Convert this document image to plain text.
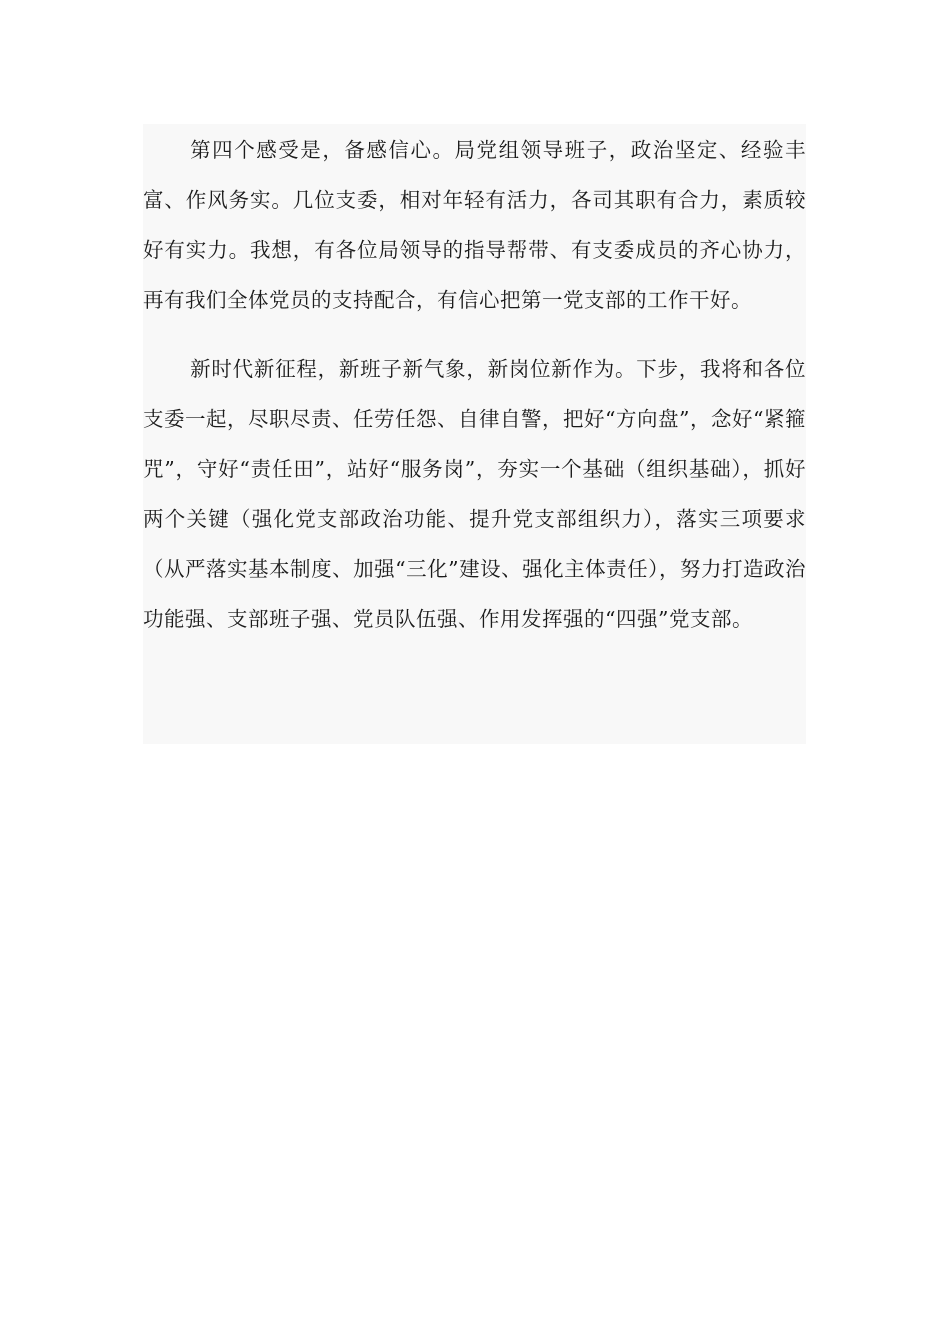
第四个感受是，备感信心。局党组领导班子，政治坚定、经验丰富、作风务实。几位支委，相对年轻有活力，各司其职有合力，素质较好有实力。我想，有各位局领导的指导帮带、有支委成员的齐心协力，再有我们全体党员的支持配合，有信心把第一党支部的工作干好。

新时代新征程，新班子新气象，新岗位新作为。下步，我将和各位支委一起，尽职尽责、任劳任怨、自律自警，把好“方向盘”，念好“紧箍咒”，守好“责任田”，站好“服务岗”，夯实一个基础（组织基础），抓好两个关键（强化党支部政治功能、提升党支部组织力），落实三项要求（从严落实基本制度、加强“三化”建设、强化主体责任），努力打造政治功能强、支部班子强、党员队伍强、作用发挥强的“四强”党支部。
